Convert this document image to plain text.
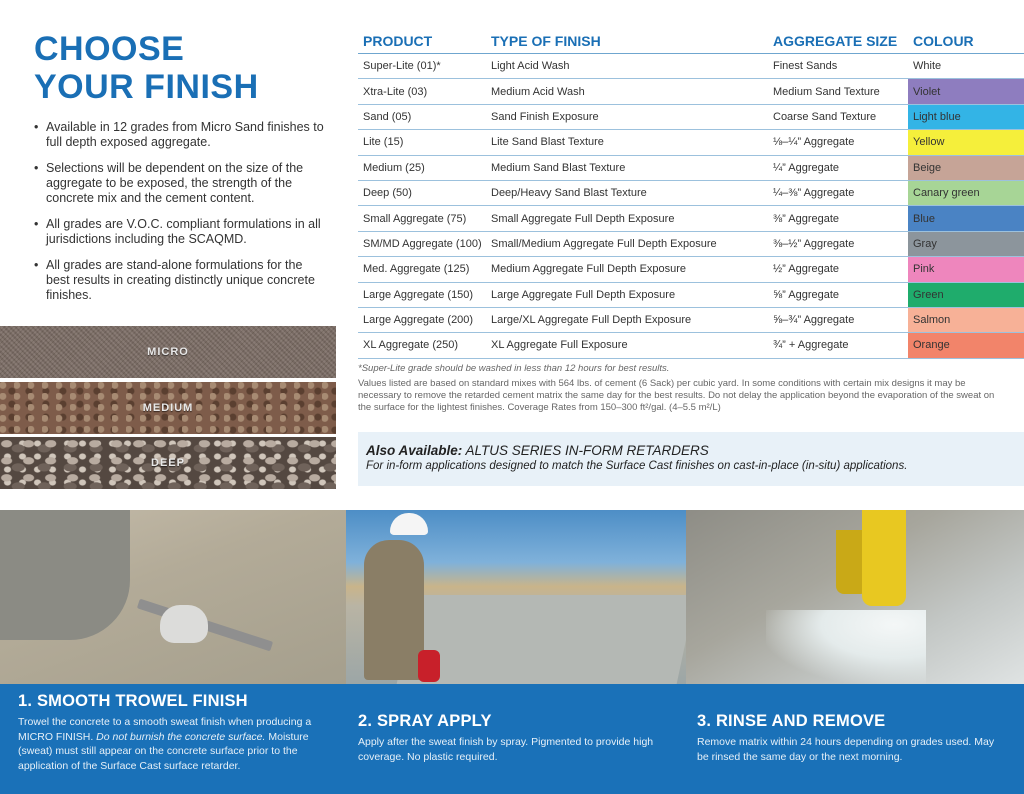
CHOOSE
YOUR FINISH
• Available in 12 grades from Micro Sand finishes to full depth exposed aggregate.
• Selections will be dependent on the size of the aggregate to be exposed, the strength of the concrete mix and the cement content.
• All grades are V.O.C. compliant formulations in all jurisdictions including the SCAQMD.
• All grades are stand-alone formulations for the best results in creating distinctly unique concrete finishes.
MICRO
MEDIUM
DEEP
PRODUCT	TYPE OF FINISH	AGGREGATE SIZE	COLOUR
Super-Lite (01)*	Light Acid Wash	Finest Sands	White
Xtra-Lite (03)	Medium Acid Wash	Medium Sand Texture	Violet
Sand (05)	Sand Finish Exposure	Coarse Sand Texture	Light blue
Lite (15)	Lite Sand Blast Texture	⅛–¼” Aggregate	Yellow
Medium (25)	Medium Sand Blast Texture	¼” Aggregate	Beige
Deep (50)	Deep/Heavy Sand Blast Texture	¼–⅜” Aggregate	Canary green
Small Aggregate (75)	Small Aggregate Full Depth Exposure	⅜” Aggregate	Blue
SM/MD Aggregate (100) Small/Medium Aggregate Full Depth Exposure	⅜–½” Aggregate	Gray
Med. Aggregate (125)	Medium Aggregate Full Depth Exposure	½” Aggregate	Pink
Large Aggregate (150)	Large Aggregate Full Depth Exposure	⅝” Aggregate	Green
Large Aggregate (200)	Large/XL Aggregate Full Depth Exposure	⅝–¾” Aggregate	Salmon
XL Aggregate (250)	XL Aggregate Full Exposure	¾” + Aggregate	Orange
*Super-Lite grade should be washed in less than 12 hours for best results.
Values listed are based on standard mixes with 564 lbs. of cement (6 Sack) per cubic yard. In some conditions with certain mix designs it may be necessary to remove the retarded cement matrix the same day for the best results. Do not delay the application beyond the evaporation of the sweat on the surface for the lightest finishes. Coverage Rates from 150–300 ft²/gal. (4–5.5 m²/L)
Also Available: ALTUS SERIES IN-FORM RETARDERS
For in-form applications designed to match the Surface Cast finishes on cast-in-place (in-situ) applications.
1. SMOOTH TROWEL FINISH

Trowel the concrete to a smooth sweat finish when producing a MICRO FINISH. Do not burnish the concrete surface. Moisture (sweat) must still appear on the concrete surface prior to the application of the Surface Cast surface retarder.

2. SPRAY APPLY

Apply after the sweat finish by spray. Pigmented to provide high coverage. No plastic required.

3. RINSE AND REMOVE

Remove matrix within 24 hours depending on grades used. May be rinsed the same day or the next morning.
